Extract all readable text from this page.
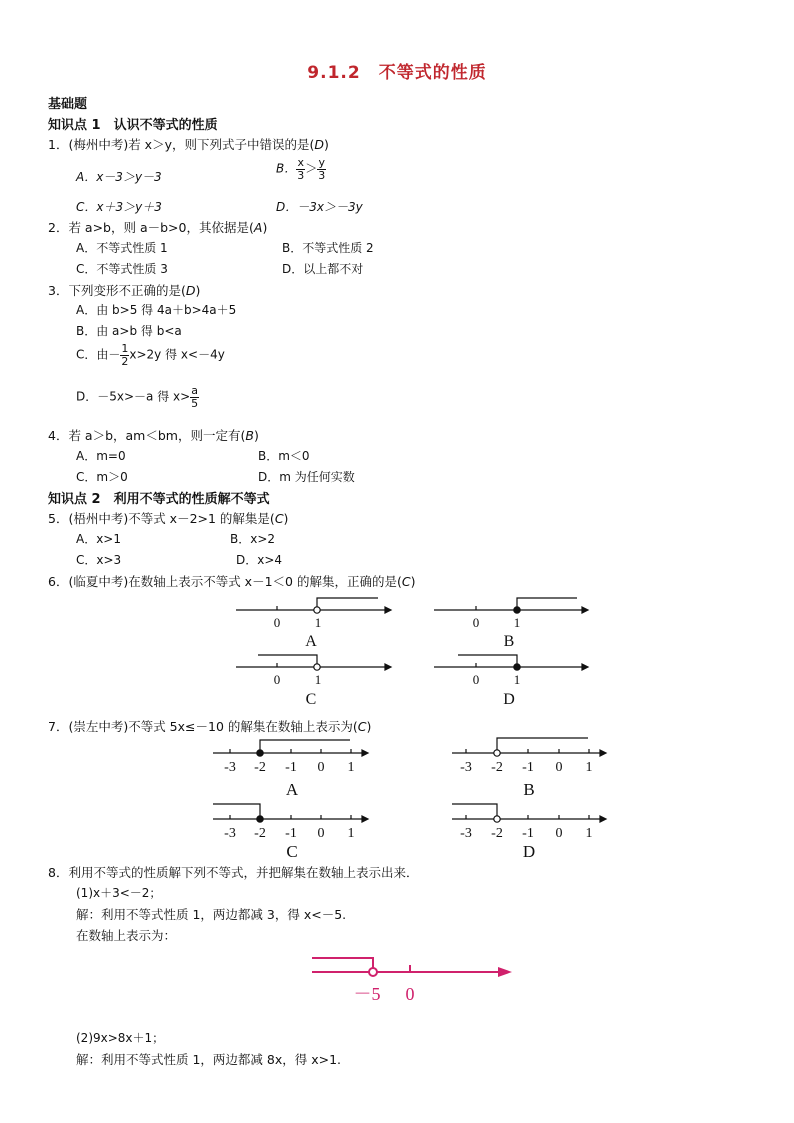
9.1.2　不等式的性质
基础题
知识点 1　认识不等式的性质
1．(梅州中考)若 x＞y，则下列式子中错误的是(D)
A．x－3＞y－3
B． $\frac{x}{3} > \frac{y}{3}$
C．x＋3＞y＋3	D．－3x＞－3y
2．若 a>b，则 a－b>0，其依据是(A)
A．不等式性质 1	B．不等式性质 2
C．不等式性质 3	D．以上都不对
3．下列变形不正确的是(D)
A．由 b>5 得 4a＋b>4a＋5
B．由 a>b 得 b<a
C．由－ $\frac{1}{2} x>2y$ 得 x<－4y
D．－5x>－a 得 $x> \frac{a}{5}$
4．若 a＞b，am＜bm，则一定有(B)
A．m=0	B．m＜0
C．m＞0	D．m 为任何实数
知识点 2　利用不等式的性质解不等式
5．(梧州中考)不等式 x－2>1 的解集是(C)
A．x>1	B．x>2
C．x>3	D．x>4
6．(临夏中考)在数轴上表示不等式 x－1＜0 的解集，正确的是(C)
0	1	0	1
0	1	0	1
A	B
C	D
7．(崇左中考)不等式 5x≤－10 的解集在数轴上表示为(C)
-3 -2 -1 0 1	-3 -2 -1 0 1
-3 -2 -1 0 1	-3 -2 -1 0 1
A	B
C	D
8．利用不等式的性质解下列不等式，并把解集在数轴上表示出来．
(1)x＋3<－2；
解：利用不等式性质 1，两边都减 3，得 x<－5.
在数轴上表示为：
－5 0
(2)9x>8x＋1；
解：利用不等式性质 1，两边都减 8x，得 x>1.
